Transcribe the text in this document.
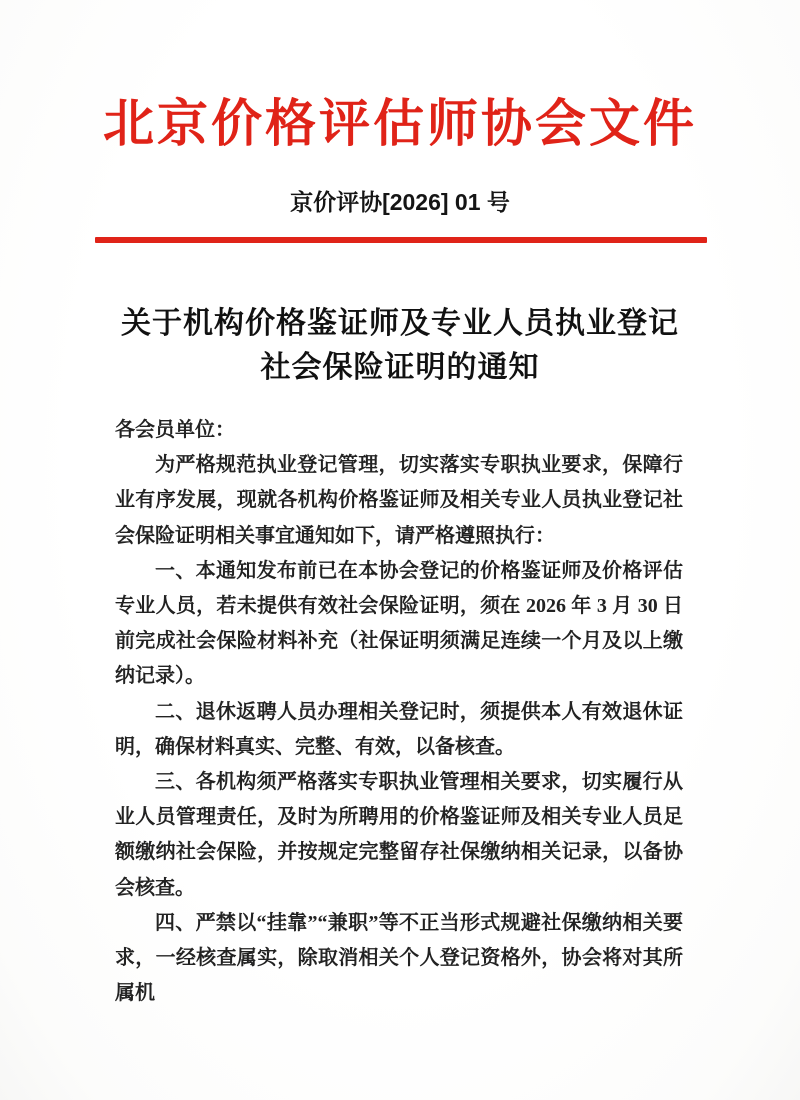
北京价格评估师协会文件
京价评协[2026] 01 号
关于机构价格鉴证师及专业人员执业登记
社会保险证明的通知

各会员单位：

为严格规范执业登记管理，切实落实专职执业要求，保障行业有序发展，现就各机构价格鉴证师及相关专业人员执业登记社会保险证明相关事宜通知如下，请严格遵照执行：

一、本通知发布前已在本协会登记的价格鉴证师及价格评估专业人员，若未提供有效社会保险证明，须在 2026 年 3 月 30 日前完成社会保险材料补充（社保证明须满足连续一个月及以上缴纳记录）。

二、退休返聘人员办理相关登记时，须提供本人有效退休证明，确保材料真实、完整、有效，以备核查。

三、各机构须严格落实专职执业管理相关要求，切实履行从业人员管理责任，及时为所聘用的价格鉴证师及相关专业人员足额缴纳社会保险，并按规定完整留存社保缴纳相关记录，以备协会核查。

四、严禁以“挂靠”“兼职”等不正当形式规避社保缴纳相关要求，一经核查属实，除取消相关个人登记资格外，协会将对其所属机
